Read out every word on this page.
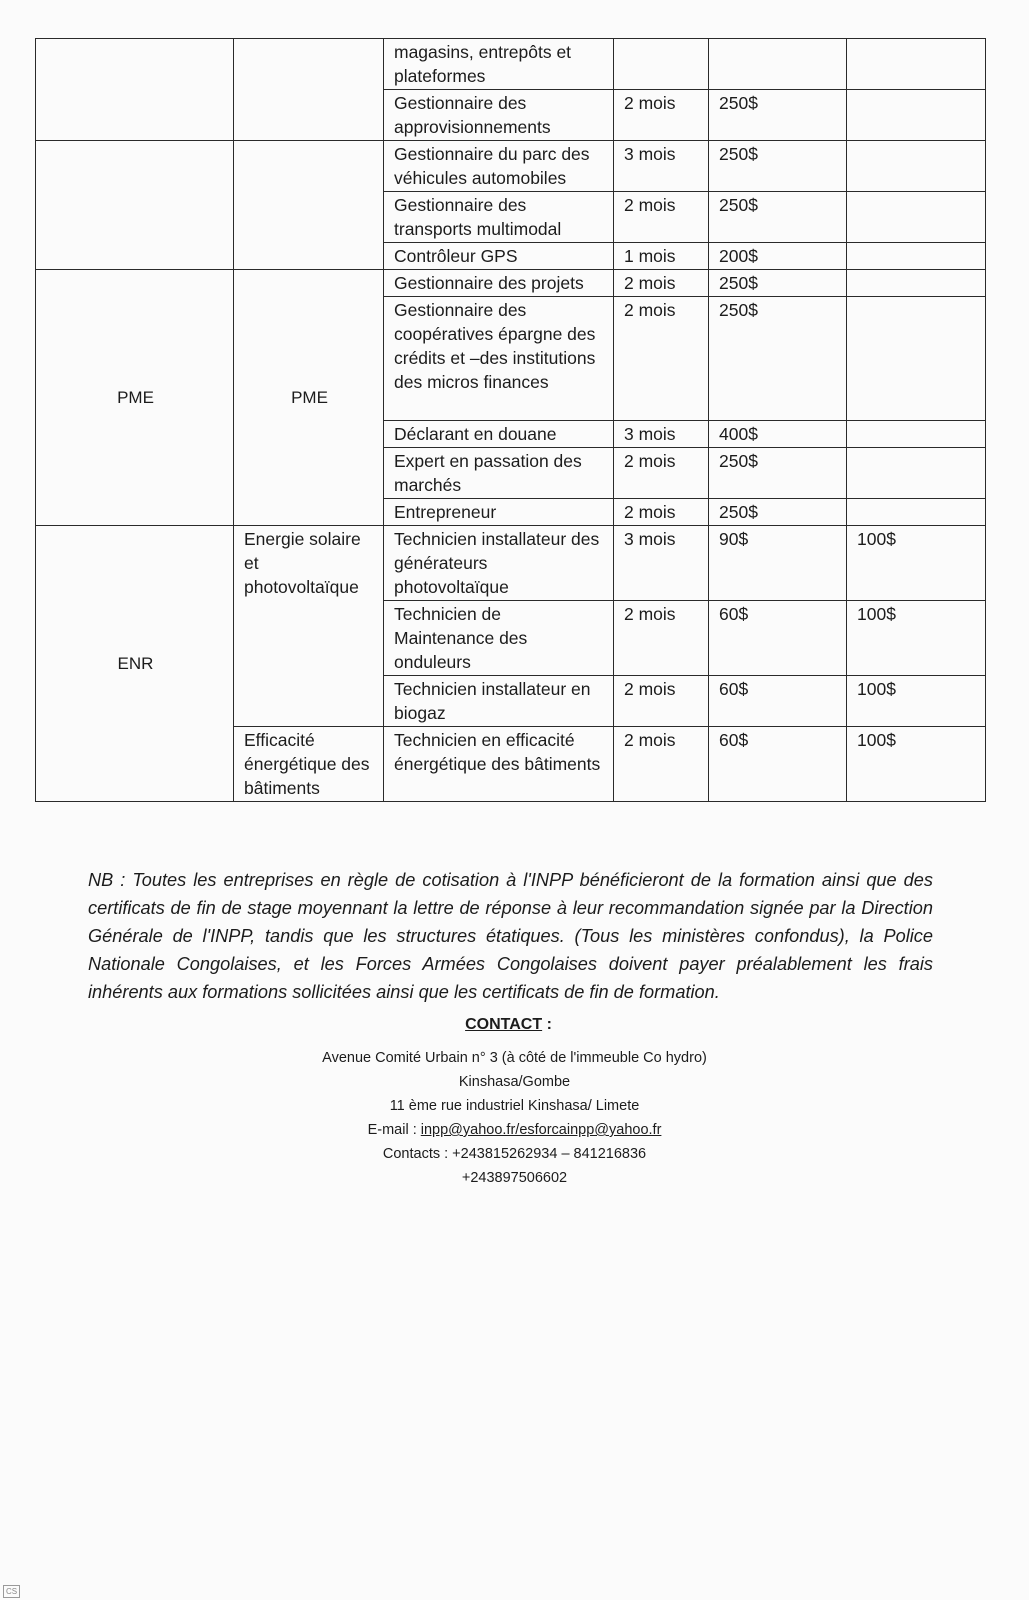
		magasins, entrepôts et plateformes			
		Gestionnaire des approvisionnements	2 mois	250$	
		Gestionnaire du parc des véhicules automobiles	3 mois	250$	
		Gestionnaire des transports multimodal	2 mois	250$	
		Contrôleur GPS	1 mois	200$	
PME	PME	Gestionnaire des projets	2 mois	250$	
		Gestionnaire des coopératives épargne des crédits et –des institutions des micros finances	2 mois	250$	
		Déclarant en douane	3 mois	400$	
		Expert en passation des marchés	2 mois	250$	
		Entrepreneur	2 mois	250$	
ENR	Energie solaire et photovoltaïque	Technicien installateur des générateurs photovoltaïque	3 mois	90$	100$
		Technicien de Maintenance des onduleurs	2 mois	60$	100$
		Technicien installateur en biogaz	2 mois	60$	100$
	Efficacité énergétique des bâtiments	Technicien en efficacité énergétique des bâtiments	2 mois	60$	100$

NB : Toutes les entreprises en règle de cotisation à l'INPP bénéficieront de la formation ainsi que des certificats de fin de stage moyennant la lettre de réponse à leur recommandation signée par la Direction Générale de l'INPP, tandis que les structures étatiques. (Tous les ministères confondus), la Police Nationale Congolaises, et les Forces Armées Congolaises doivent payer préalablement les frais inhérents aux formations sollicitées ainsi que les certificats de fin de formation.

CONTACT :
Avenue Comité Urbain n° 3 (à côté de l'immeuble Co hydro)
Kinshasa/Gombe
11 ème rue industriel Kinshasa/ Limete
E-mail : inpp@yahoo.fr/esforcainpp@yahoo.fr
Contacts : +243815262934 – 841216836
+243897506602
CS
